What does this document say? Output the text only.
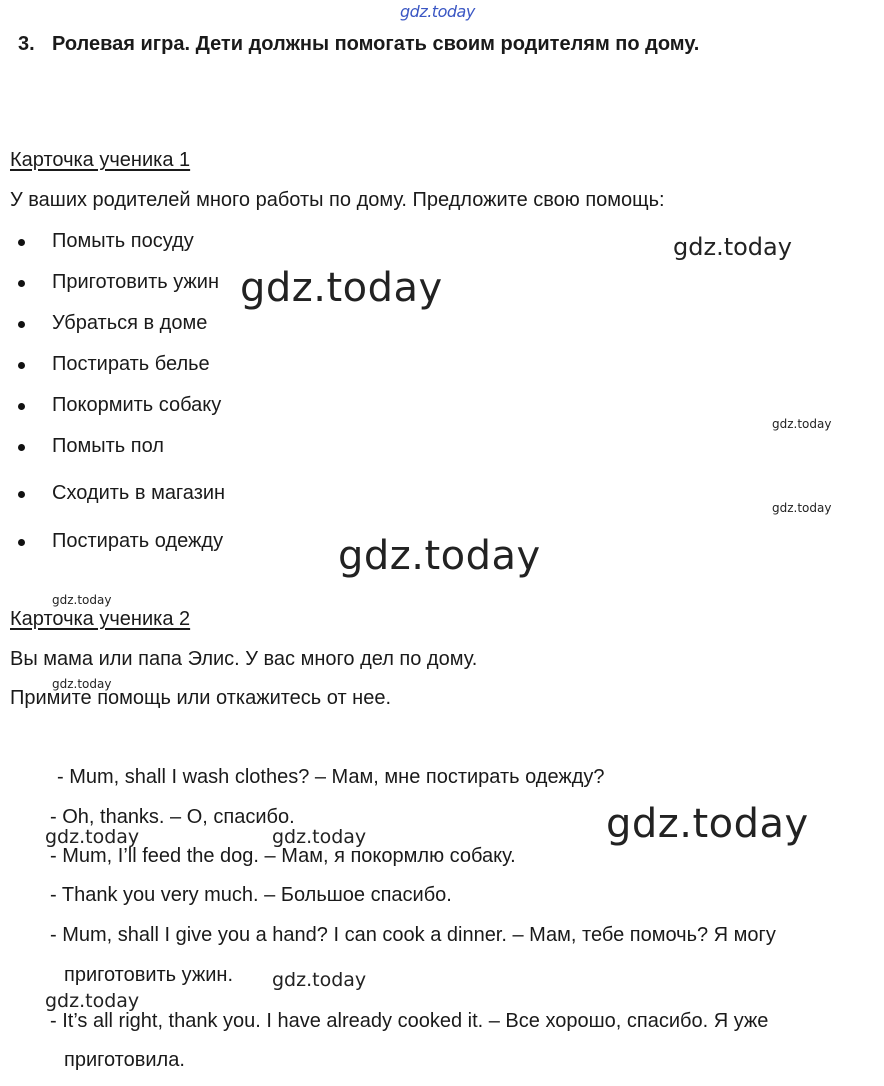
gdz.today
gdz.today
gdz.today
gdz.today
gdz.today
gdz.today
gdz.today
gdz.today
gdz.today
gdz.today	gdz.today
gdz.today
gdz.today
3. Ролевая игра. Дети должны помогать своим родителям по дому.
Карточка ученика 1
У ваших родителей много работы по дому. Предложите свою помощь:
Помыть посуду
Приготовить ужин
Убраться в доме
Постирать белье
Покормить собаку
Помыть пол
Сходить в магазин
Постирать одежду
Карточка ученика 2
Вы мама или папа Элис. У вас много дел по дому.
Примите помощь или откажитесь от нее.
- Mum, shall I wash clothes? – Мам, мне постирать одежду?
- Oh, thanks. – О, спасибо.
- Mum, I’ll feed the dog. – Мам, я покормлю собаку.
- Thank you very much. – Большое спасибо.
- Mum, shall I give you a hand? I can cook a dinner. – Мам, тебе помочь? Я могу
приготовить ужин.
- It’s all right, thank you. I have already cooked it. – Все хорошо, спасибо. Я уже
приготовила.
